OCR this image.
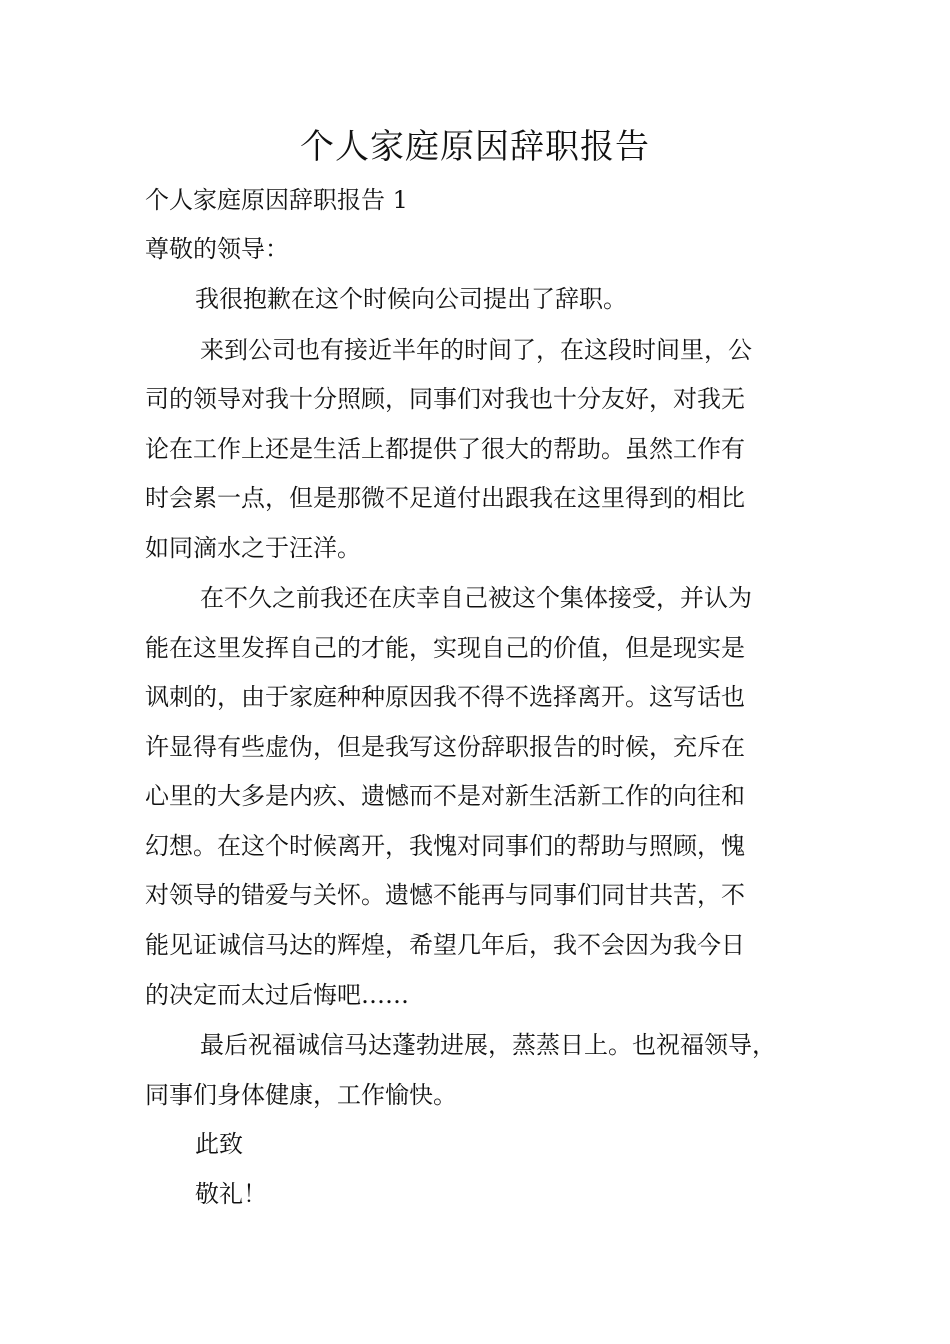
个人家庭原因辞职报告

个人家庭原因辞职报告 1

尊敬的领导：

我很抱歉在这个时候向公司提出了辞职。

来到公司也有接近半年的时间了，在这段时间里，公

司的领导对我十分照顾，同事们对我也十分友好，对我无

论在工作上还是生活上都提供了很大的帮助。虽然工作有

时会累一点，但是那微不足道付出跟我在这里得到的相比

如同滴水之于汪洋。

在不久之前我还在庆幸自己被这个集体接受，并认为

能在这里发挥自己的才能，实现自己的价值，但是现实是

讽刺的，由于家庭种种原因我不得不选择离开。这写话也

许显得有些虚伪，但是我写这份辞职报告的时候，充斥在

心里的大多是内疚、遗憾而不是对新生活新工作的向往和

幻想。在这个时候离开，我愧对同事们的帮助与照顾，愧

对领导的错爱与关怀。遗憾不能再与同事们同甘共苦，不

能见证诚信马达的辉煌，希望几年后，我不会因为我今日

的决定而太过后悔吧……

最后祝福诚信马达蓬勃进展，蒸蒸日上。也祝福领导，

同事们身体健康，工作愉快。

此致

敬礼！
